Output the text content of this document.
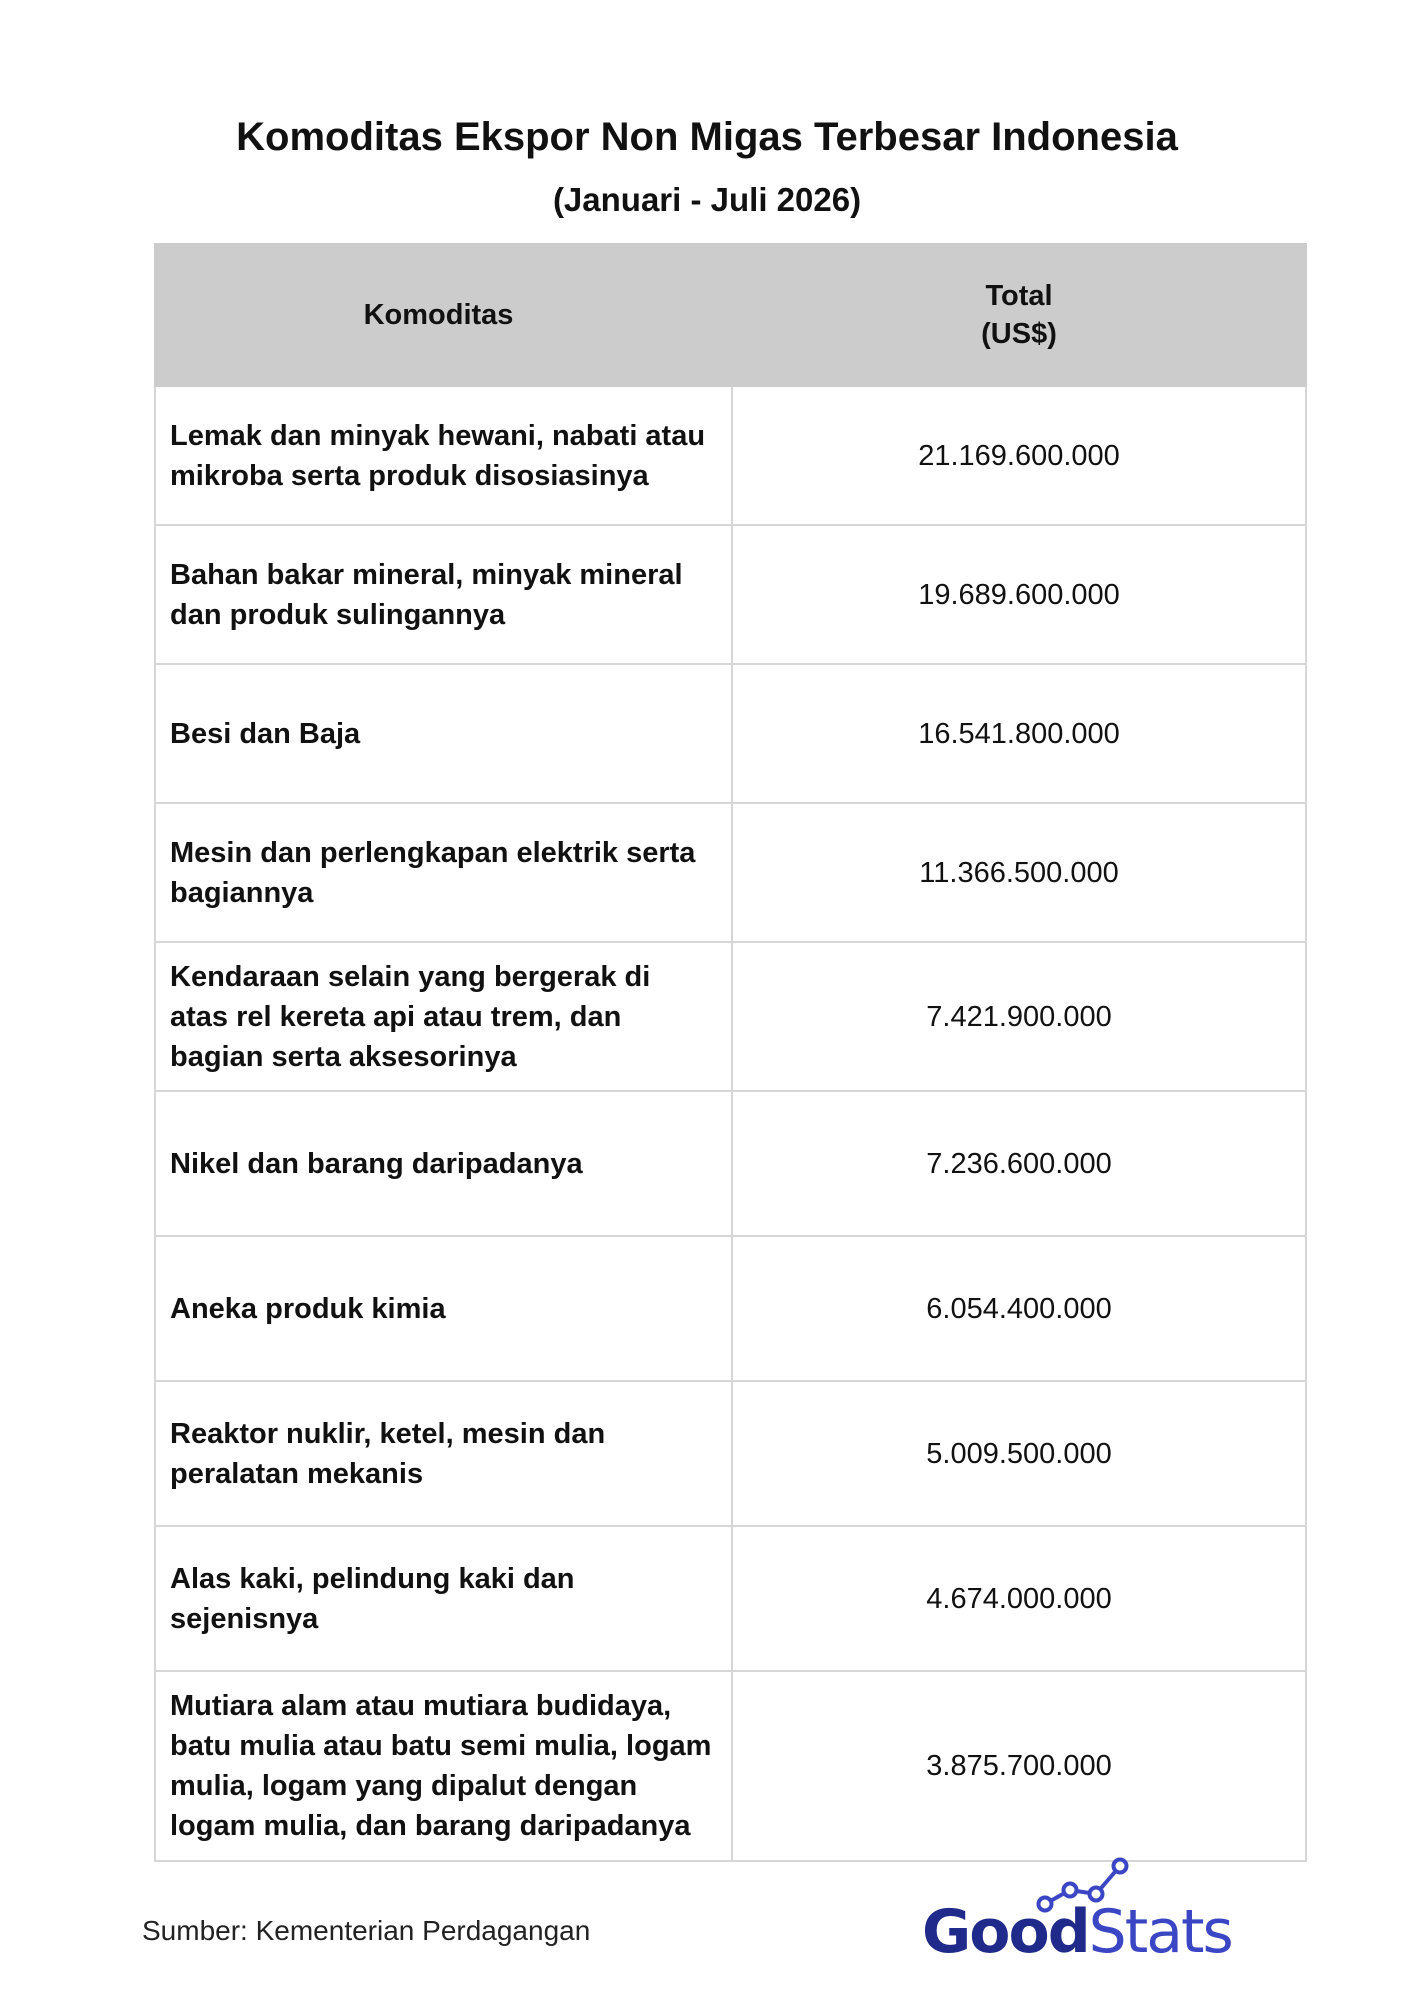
Komoditas Ekspor Non Migas Terbesar Indonesia
(Januari - Juli 2026)
Komoditas	Total
(US$)

Lemak dan minyak hewani, nabati atau mikroba serta produk disosiasinya	21.169.600.000
Bahan bakar mineral, minyak mineral dan produk sulingannya	19.689.600.000
Besi dan Baja	16.541.800.000
Mesin dan perlengkapan elektrik serta bagiannya	11.366.500.000
Kendaraan selain yang bergerak di atas rel kereta api atau trem, dan bagian serta aksesorinya	7.421.900.000
Nikel dan barang daripadanya	7.236.600.000
Aneka produk kimia	6.054.400.000
Reaktor nuklir, ketel, mesin dan peralatan mekanis	5.009.500.000
Alas kaki, pelindung kaki dan sejenisnya	4.674.000.000
Mutiara alam atau mutiara budidaya, batu mulia atau batu semi mulia, logam mulia, logam yang dipalut dengan logam mulia, dan barang daripadanya	3.875.700.000
Sumber: Kementerian Perdagangan	GoodStats
